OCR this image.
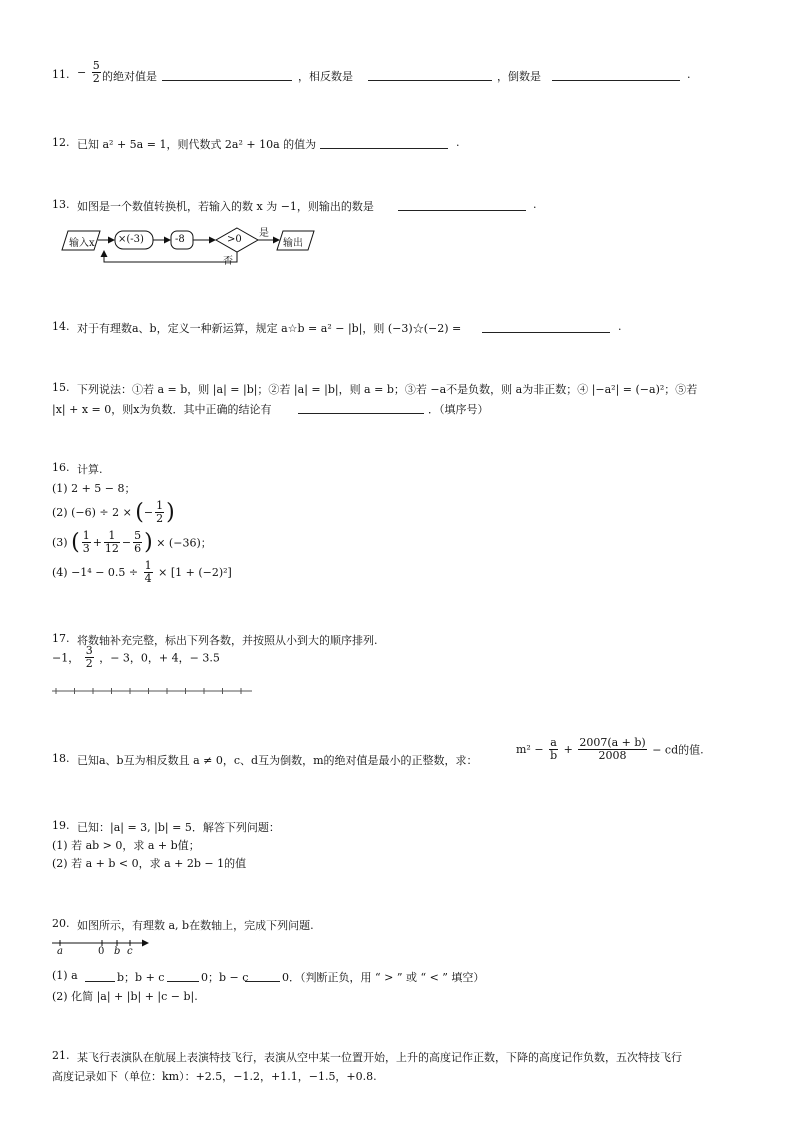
11. − $\frac{5}{2}$ 的绝对值是	，相反数是	，倒数是	.
12. 已知 a² + 5a = 1，则代数式 2a² + 10a 的值为	.
13. 如图是一个数值转换机，若输入的数 x 为 −1，则输出的数是	.
输入x ×(-3)	-8	>0
是
否
输出
14. 对于有理数a、b，定义一种新运算，规定 a☆b = a² − |b|，则 (−3)☆(−2) =	.
15. 下列说法：①若 a = b，则 |a| = |b|；②若 |a| = |b|，则 a = b；③若 −a不是负数，则 a为非正数；④ |−a²| = (−a)²；⑤若
|x| + x = 0，则x为负数．其中正确的结论有	．（填序号）
16. 计算.
(1) 2 + 5 − 8；
(2) (−6) ÷ 2 × (− $\frac{1}{2}$ )
(3) ( $\frac{1}{3} + \frac{1}{12} - \frac{5}{6}$ ) × (−36)；
$(4) -1^4 - 0.5 \div \frac{1}{4} \times [1 + (-2)^2]$
17. 将数轴补充完整，标出下列各数，并按照从小到大的顺序排列.
−1， $\frac{3}{2}$ ，− 3，0，+ 4，− 3.5
18. 已知a、b互为相反数且 a ≠ 0，c、d互为倒数，m的绝对值是最小的正整数，求：
$m^2 - \frac{a}{b} + \frac{2007(a + b)}{2008}$ − cd的值.
19. 已知：|a| = 3, |b| = 5．解答下列问题：
(1) 若 ab > 0，求 a + b值；
(2) 若 a + b < 0，求 a + 2b − 1的值
20. 如图所示，有理数 a, b在数轴上，完成下列问题.
a	0 b c
(1) a	b；b + c	0；b − c	0．（判断正负，用 “ > ” 或 “ < ” 填空）
(2) 化简 |a| + |b| + |c − b|.
21. 某飞行表演队在航展上表演特技飞行，表演从空中某一位置开始，上升的高度记作正数，下降的高度记作负数，五次特技飞行
高度记录如下（单位：km）：+2.5，−1.2，+1.1，−1.5，+0.8.
